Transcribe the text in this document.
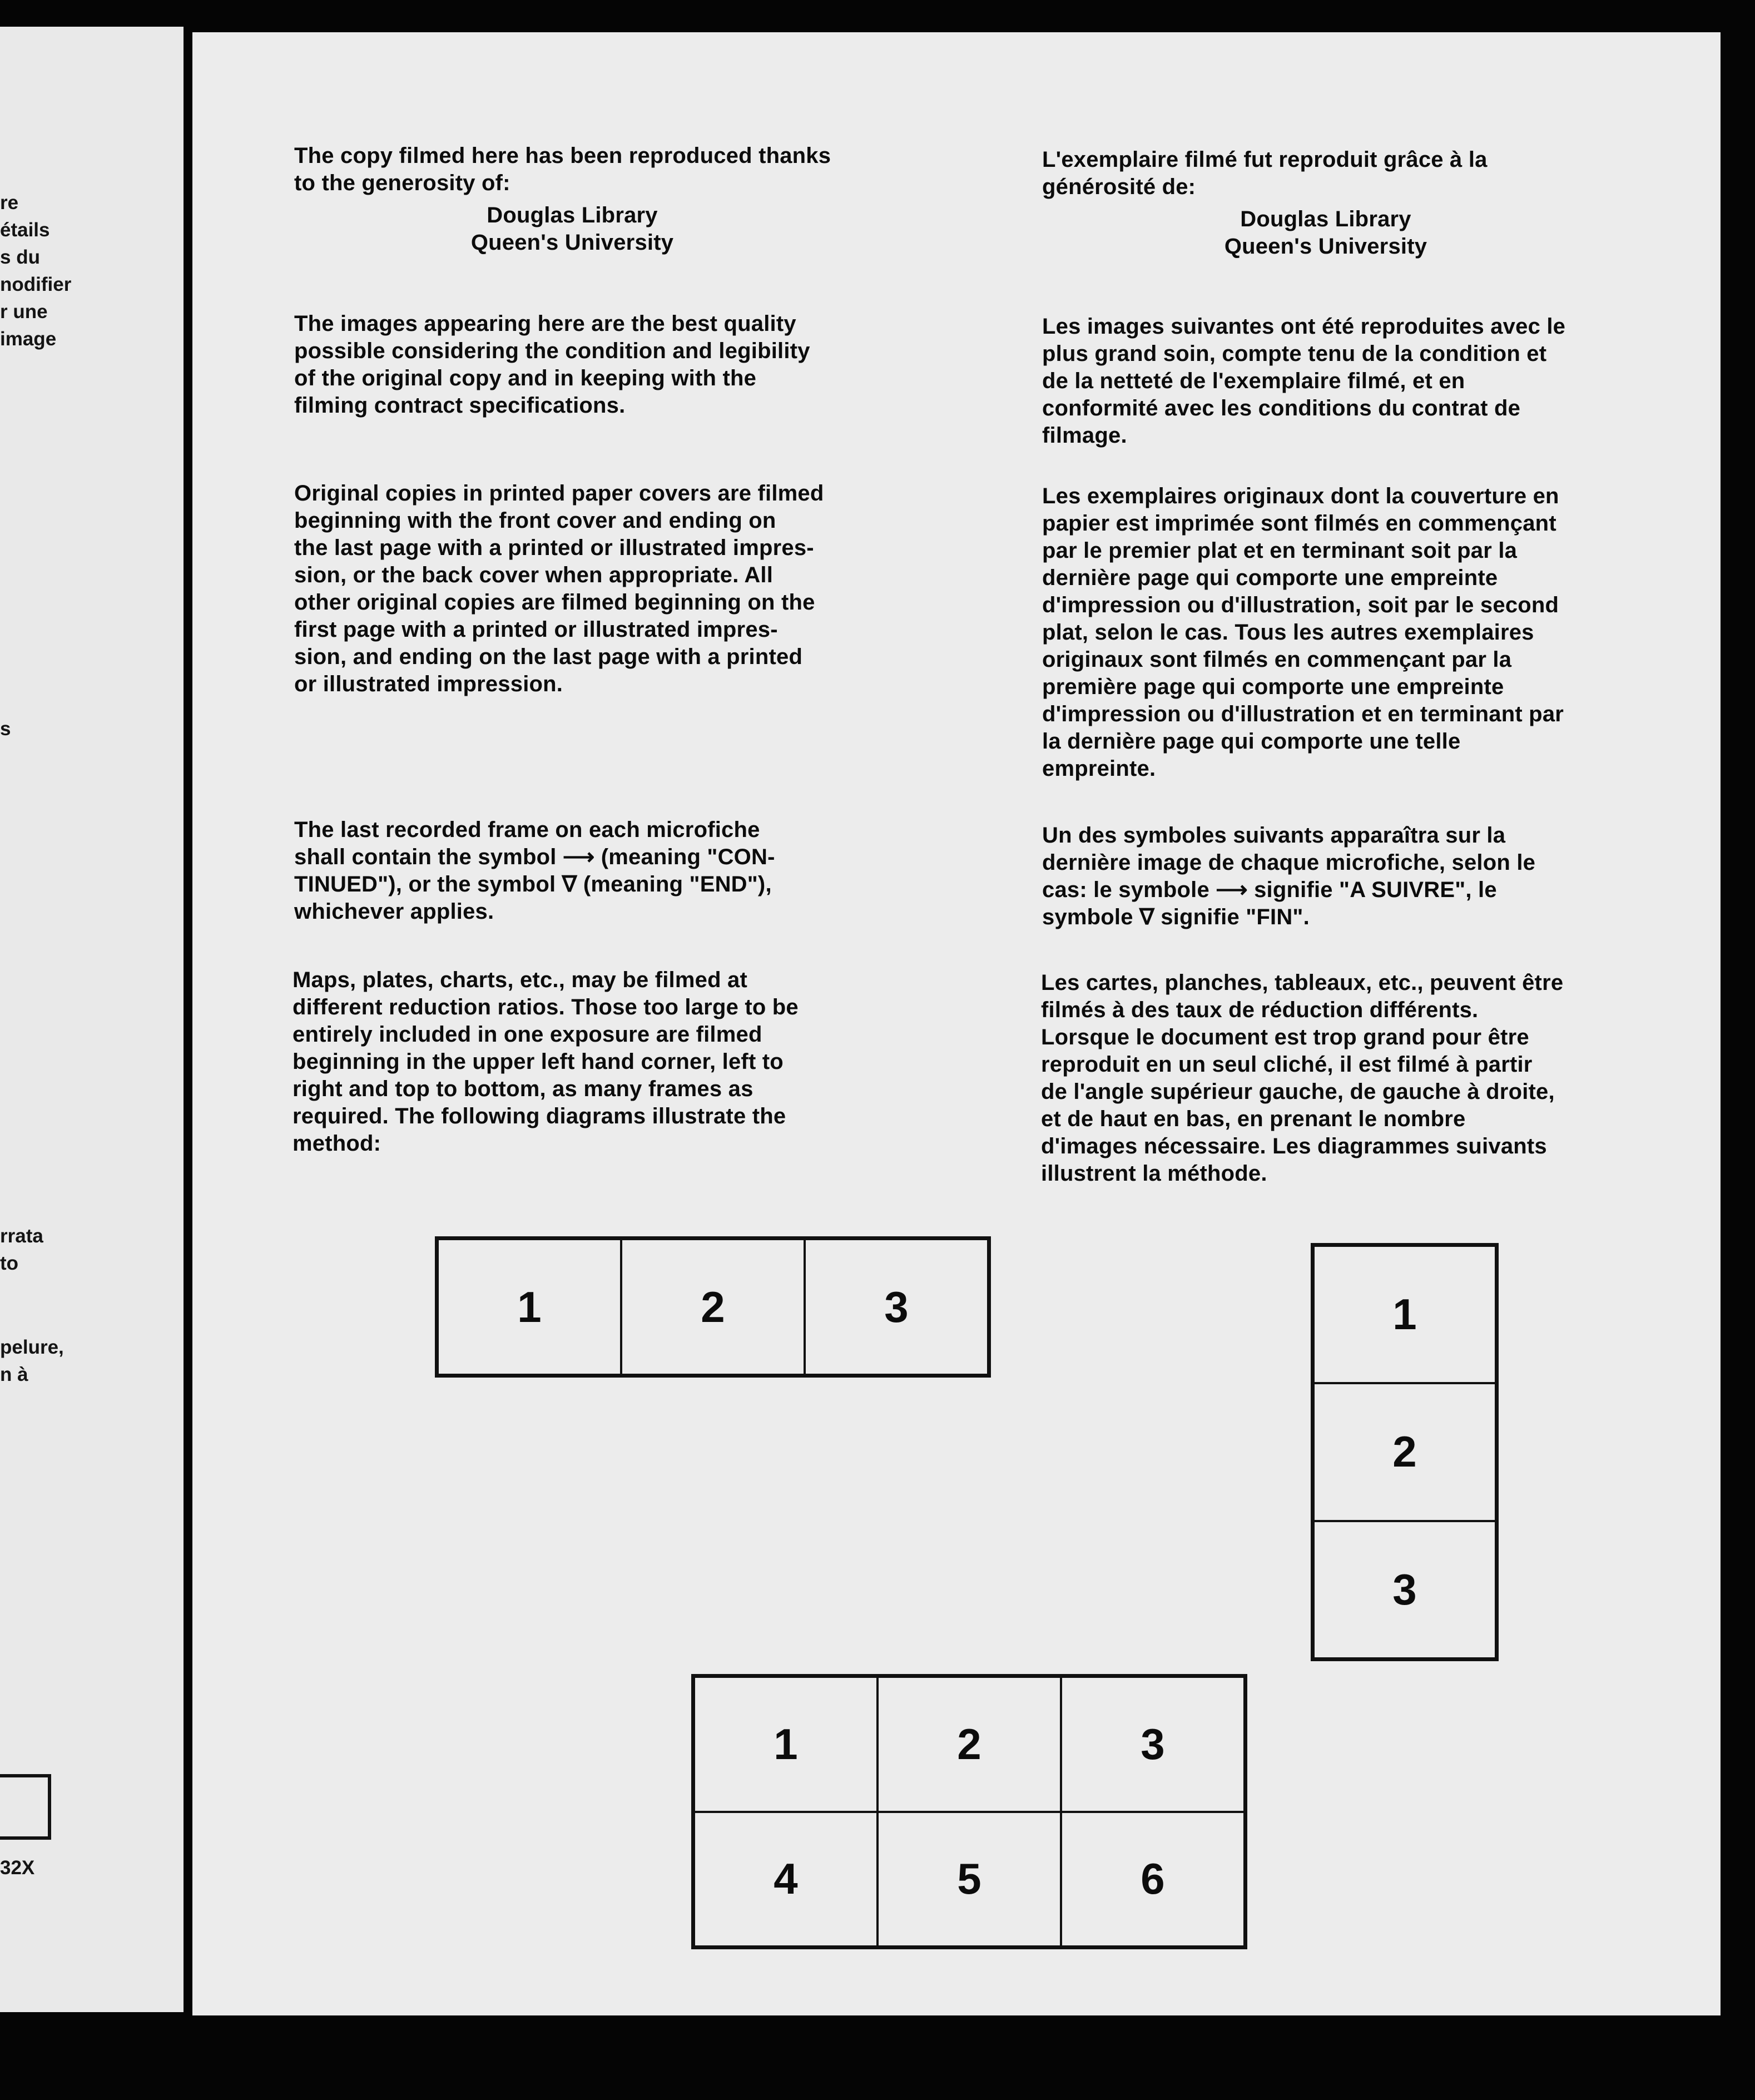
re
étails
s du
nodifier
r une
image
s
rrata
to
pelure,
n à
32X

The copy filmed here has been reproduced thanks
to the generosity of:

Douglas Library
Queen's University

The images appearing here are the best quality
possible considering the condition and legibility
of the original copy and in keeping with the
filming contract specifications.
Original copies in printed paper covers are filmed
beginning with the front cover and ending on
the last page with a printed or illustrated impres-
sion, or the back cover when appropriate. All
other original copies are filmed beginning on the
first page with a printed or illustrated impres-
sion, and ending on the last page with a printed
or illustrated impression.
The last recorded frame on each microfiche
shall contain the symbol ⟶ (meaning "CON-
TINUED"), or the symbol ∇ (meaning "END"),
whichever applies.
Maps, plates, charts, etc., may be filmed at
different reduction ratios. Those too large to be
entirely included in one exposure are filmed
beginning in the upper left hand corner, left to
right and top to bottom, as many frames as
required. The following diagrams illustrate the
method:

L'exemplaire filmé fut reproduit grâce à la
générosité de:

Douglas Library
Queen's University

Les images suivantes ont été reproduites avec le
plus grand soin, compte tenu de la condition et
de la netteté de l'exemplaire filmé, et en
conformité avec les conditions du contrat de
filmage.
Les exemplaires originaux dont la couverture en
papier est imprimée sont filmés en commençant
par le premier plat et en terminant soit par la
dernière page qui comporte une empreinte
d'impression ou d'illustration, soit par le second
plat, selon le cas. Tous les autres exemplaires
originaux sont filmés en commençant par la
première page qui comporte une empreinte
d'impression ou d'illustration et en terminant par
la dernière page qui comporte une telle
empreinte.
Un des symboles suivants apparaîtra sur la
dernière image de chaque microfiche, selon le
cas: le symbole ⟶ signifie "A SUIVRE", le
symbole ∇ signifie "FIN".
Les cartes, planches, tableaux, etc., peuvent être
filmés à des taux de réduction différents.
Lorsque le document est trop grand pour être
reproduit en un seul cliché, il est filmé à partir
de l'angle supérieur gauche, de gauche à droite,
et de haut en bas, en prenant le nombre
d'images nécessaire. Les diagrammes suivants
illustrent la méthode.
1	2	3	1
2
3
1	2	3
4	5	6
